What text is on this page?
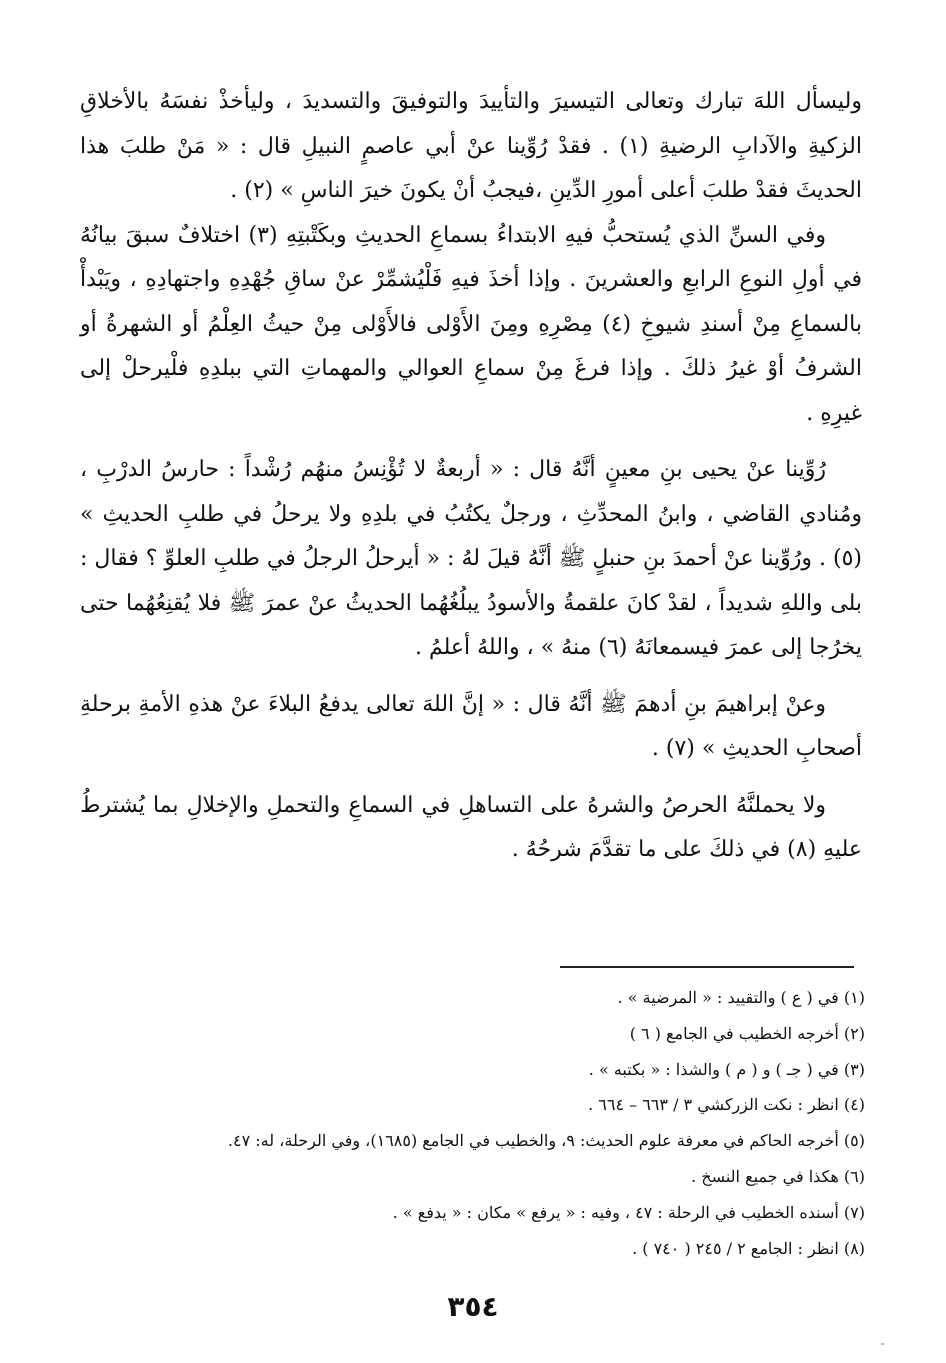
وليسأل اللهَ تبارك وتعالى التيسيرَ والتأييدَ والتوفيقَ والتسديدَ ، وليأخذْ نفسَهُ بالأخلاقِ الزكيةِ والآدابِ الرضيةِ (١) . فقدْ رُوِّينا عنْ أبي عاصمٍ النبيلِ قال : « مَنْ طلبَ هذا الحديثَ فقدْ طلبَ أعلى أمورِ الدِّينِ ،فيجبُ أنْ يكونَ خيرَ الناسِ » (٢) .

وفي السنِّ الذي يُستحبُّ فيهِ الابتداءُ بسماعِ الحديثِ وبكَتْبتِهِ (٣) اختلافٌ سبقَ بيانُهُ في أولِ النوعِ الرابعِ والعشرينَ . وإذا أخذَ فيهِ فَلْيُشمِّرْ عنْ ساقِ جُهْدِهِ واجتهادِهِ ، ويَبْدأْ بالسماعِ مِنْ أسندِ شيوخِ (٤) مِصْرِهِ ومِنَ الأَوْلى فالأَوْلى مِنْ حيثُ العِلْمُ أو الشهرةُ أو الشرفُ أوْ غيرُ ذلكَ . وإذا فرغَ مِنْ سماعِ العوالي والمهماتِ التي ببلدِهِ فلْيرحلْ إلى غيرِهِ .

رُوِّينا عنْ يحيى بنِ معينٍ أنَّهُ قال : « أربعةٌ لا تُؤْنِسُ منهُم رُشْداً : حارسُ الدرْبِ ، ومُنادي القاضي ، وابنُ المحدِّثِ ، ورجلٌ يكتُبُ في بلدِهِ ولا يرحلُ في طلبِ الحديثِ » (٥) . ورُوِّينا عنْ أحمدَ بنِ حنبلٍ ﷺ أنَّهُ قيلَ لهُ : « أيرحلُ الرجلُ في طلبِ العلوِّ ؟ فقال : بلى واللهِ شديداً ، لقدْ كانَ علقمةُ والأسودُ يبلُغُهُما الحديثُ عنْ عمرَ ﷺ فلا يُقنِعُهُما حتى يخرُجا إلى عمرَ فيسمعانَهُ (٦) منهُ » ، واللهُ أعلمُ .

وعنْ إبراهيمَ بنِ أدهمَ ﷺ أنَّهُ قال : « إنَّ اللهَ تعالى يدفعُ البلاءَ عنْ هذهِ الأمةِ برحلةِ أصحابِ الحديثِ » (٧) .

ولا يحملنَّهُ الحرصُ والشرهُ على التساهلِ في السماعِ والتحملِ والإخلالِ بما يُشترطُ عليهِ (٨) في ذلكَ على ما تقدَّمَ شرحُهُ .

(١) في ( ع ) والتقييد : « المرضية » .

(٢) أخرجه الخطيب في الجامع ( ٦ )

(٣) في ( جـ ) و ( م ) والشذا : « بكتبه » .

(٤) انظر : نكت الزركشي ٣ / ٦٦٣ – ٦٦٤ .

(٥) أخرجه الحاكم في معرفة علوم الحديث: ٩، والخطيب في الجامع (١٦٨٥)، وفي الرحلة، له: ٤٧.

(٦) هكذا في جميع النسخ .

(٧) أسنده الخطيب في الرحلة : ٤٧ ، وفيه : « يرفع » مكان : « يدفع » .

(٨) انظر : الجامع ٢ / ٢٤٥ ( ٧٤٠ ) .

٣٥٤
